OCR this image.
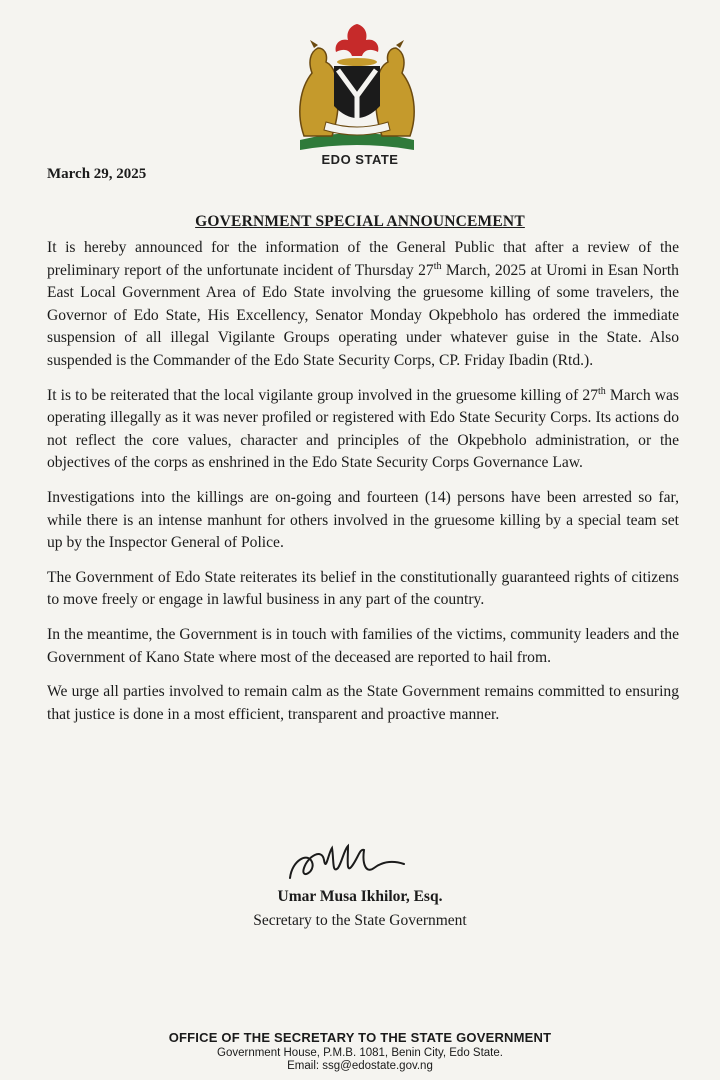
EDO STATE
March 29, 2025
GOVERNMENT SPECIAL ANNOUNCEMENT

It is hereby announced for the information of the General Public that after a review of the preliminary report of the unfortunate incident of Thursday 27th March, 2025 at Uromi in Esan North East Local Government Area of Edo State involving the gruesome killing of some travelers, the Governor of Edo State, His Excellency, Senator Monday Okpebholo has ordered the immediate suspension of all illegal Vigilante Groups operating under whatever guise in the State. Also suspended is the Commander of the Edo State Security Corps, CP. Friday Ibadin (Rtd.).

It is to be reiterated that the local vigilante group involved in the gruesome killing of 27th March was operating illegally as it was never profiled or registered with Edo State Security Corps. Its actions do not reflect the core values, character and principles of the Okpebholo administration, or the objectives of the corps as enshrined in the Edo State Security Corps Governance Law.

Investigations into the killings are on-going and fourteen (14) persons have been arrested so far, while there is an intense manhunt for others involved in the gruesome killing by a special team set up by the Inspector General of Police.

The Government of Edo State reiterates its belief in the constitutionally guaranteed rights of citizens to move freely or engage in lawful business in any part of the country.

In the meantime, the Government is in touch with families of the victims, community leaders and the Government of Kano State where most of the deceased are reported to hail from.

We urge all parties involved to remain calm as the State Government remains committed to ensuring that justice is done in a most efficient, transparent and proactive manner.

Umar Musa Ikhilor, Esq.
Secretary to the State Government
OFFICE OF THE SECRETARY TO THE STATE GOVERNMENT
Government House, P.M.B. 1081, Benin City, Edo State.
Email: ssg@edostate.gov.ng
